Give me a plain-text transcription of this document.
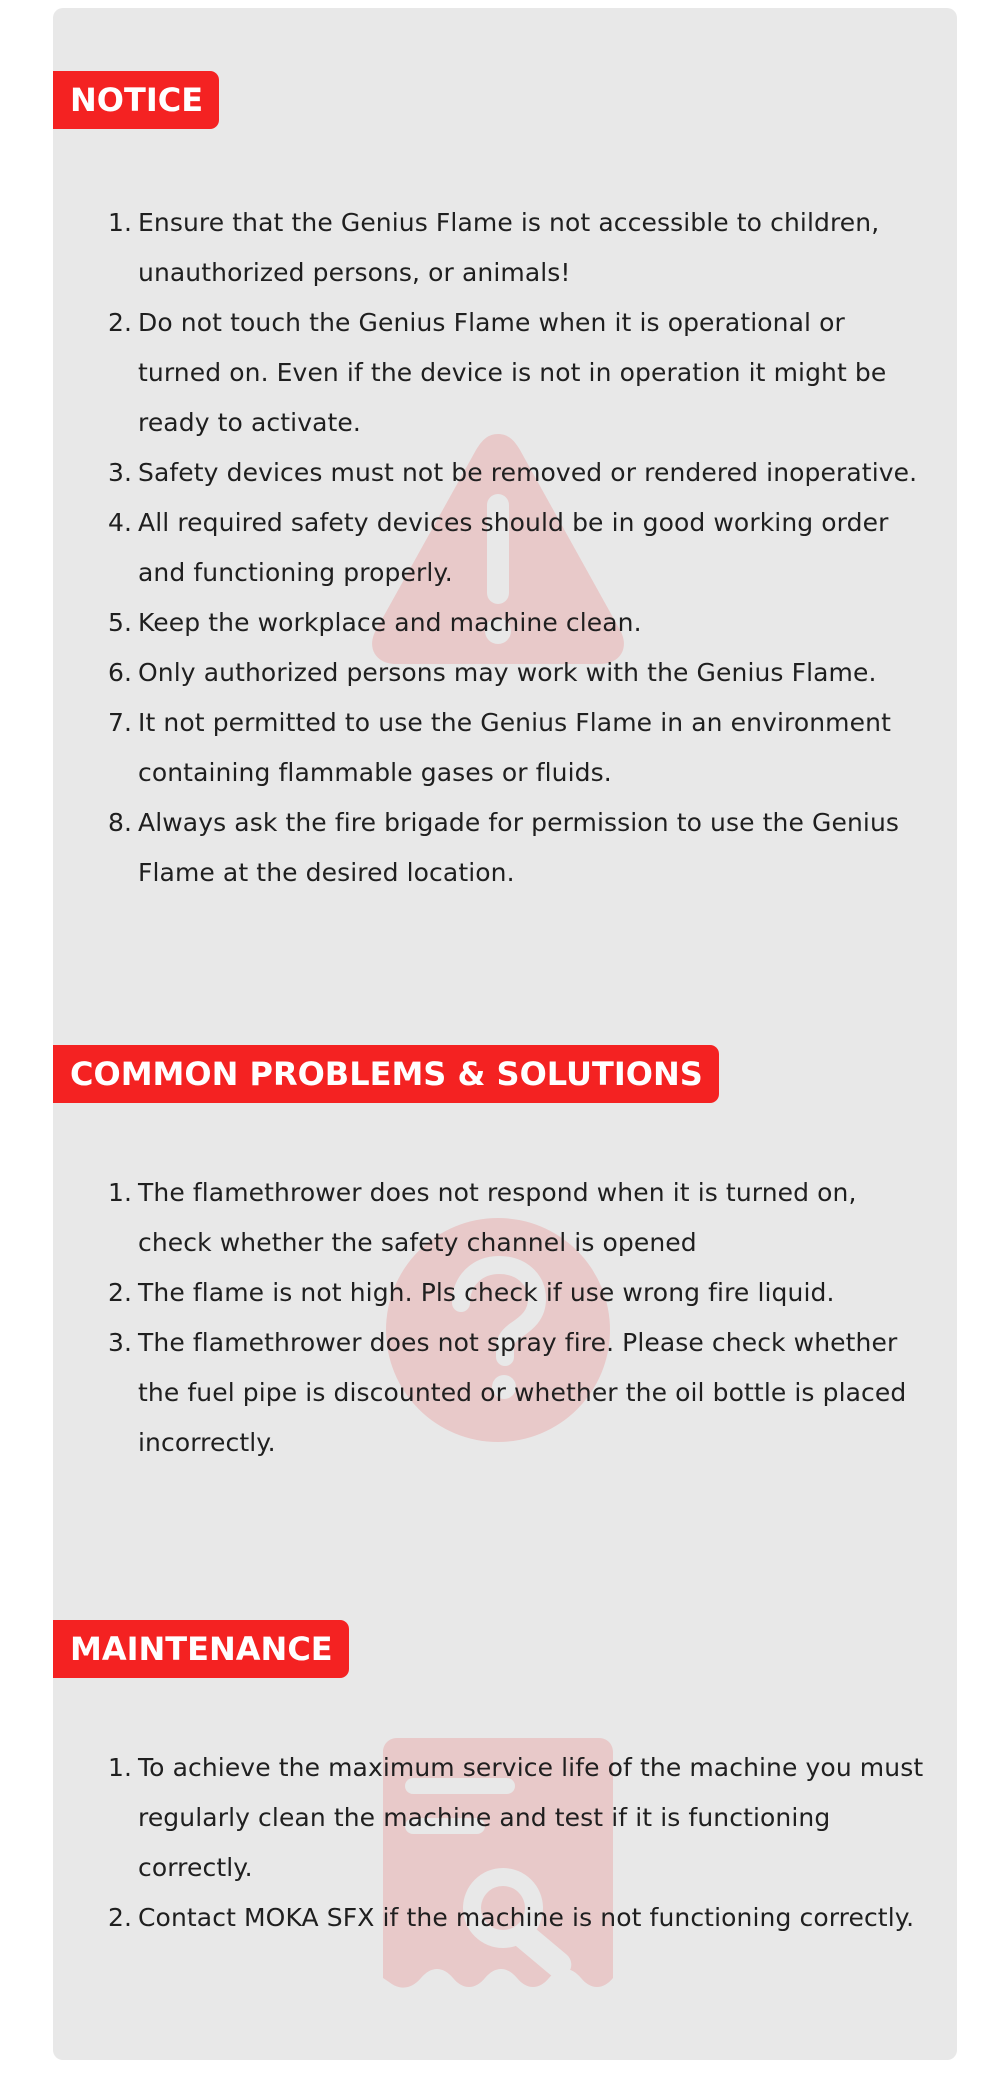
NOTICE
1. Ensure that the Genius Flame is not accessible to children, unauthorized persons, or animals!
2. Do not touch the Genius Flame when it is operational or turned on. Even if the device is not in operation it might be ready to activate.
3. Safety devices must not be removed or rendered inoperative.
4. All required safety devices should be in good working order and functioning properly.
5. Keep the workplace and machine clean.
6. Only authorized persons may work with the Genius Flame.
7. It not permitted to use the Genius Flame in an environment containing flammable gases or fluids.
8. Always ask the fire brigade for permission to use the Genius Flame at the desired location.
COMMON PROBLEMS & SOLUTIONS
1. The flamethrower does not respond when it is turned on, check whether the safety channel is opened
2. The flame is not high. Pls check if use wrong fire liquid.
3. The flamethrower does not spray fire. Please check whether the fuel pipe is discounted or whether the oil bottle is placed incorrectly.
MAINTENANCE
1. To achieve the maximum service life of the machine you must regularly clean the machine and test if it is functioning correctly.
2. Contact MOKA SFX if the machine is not functioning correctly.
